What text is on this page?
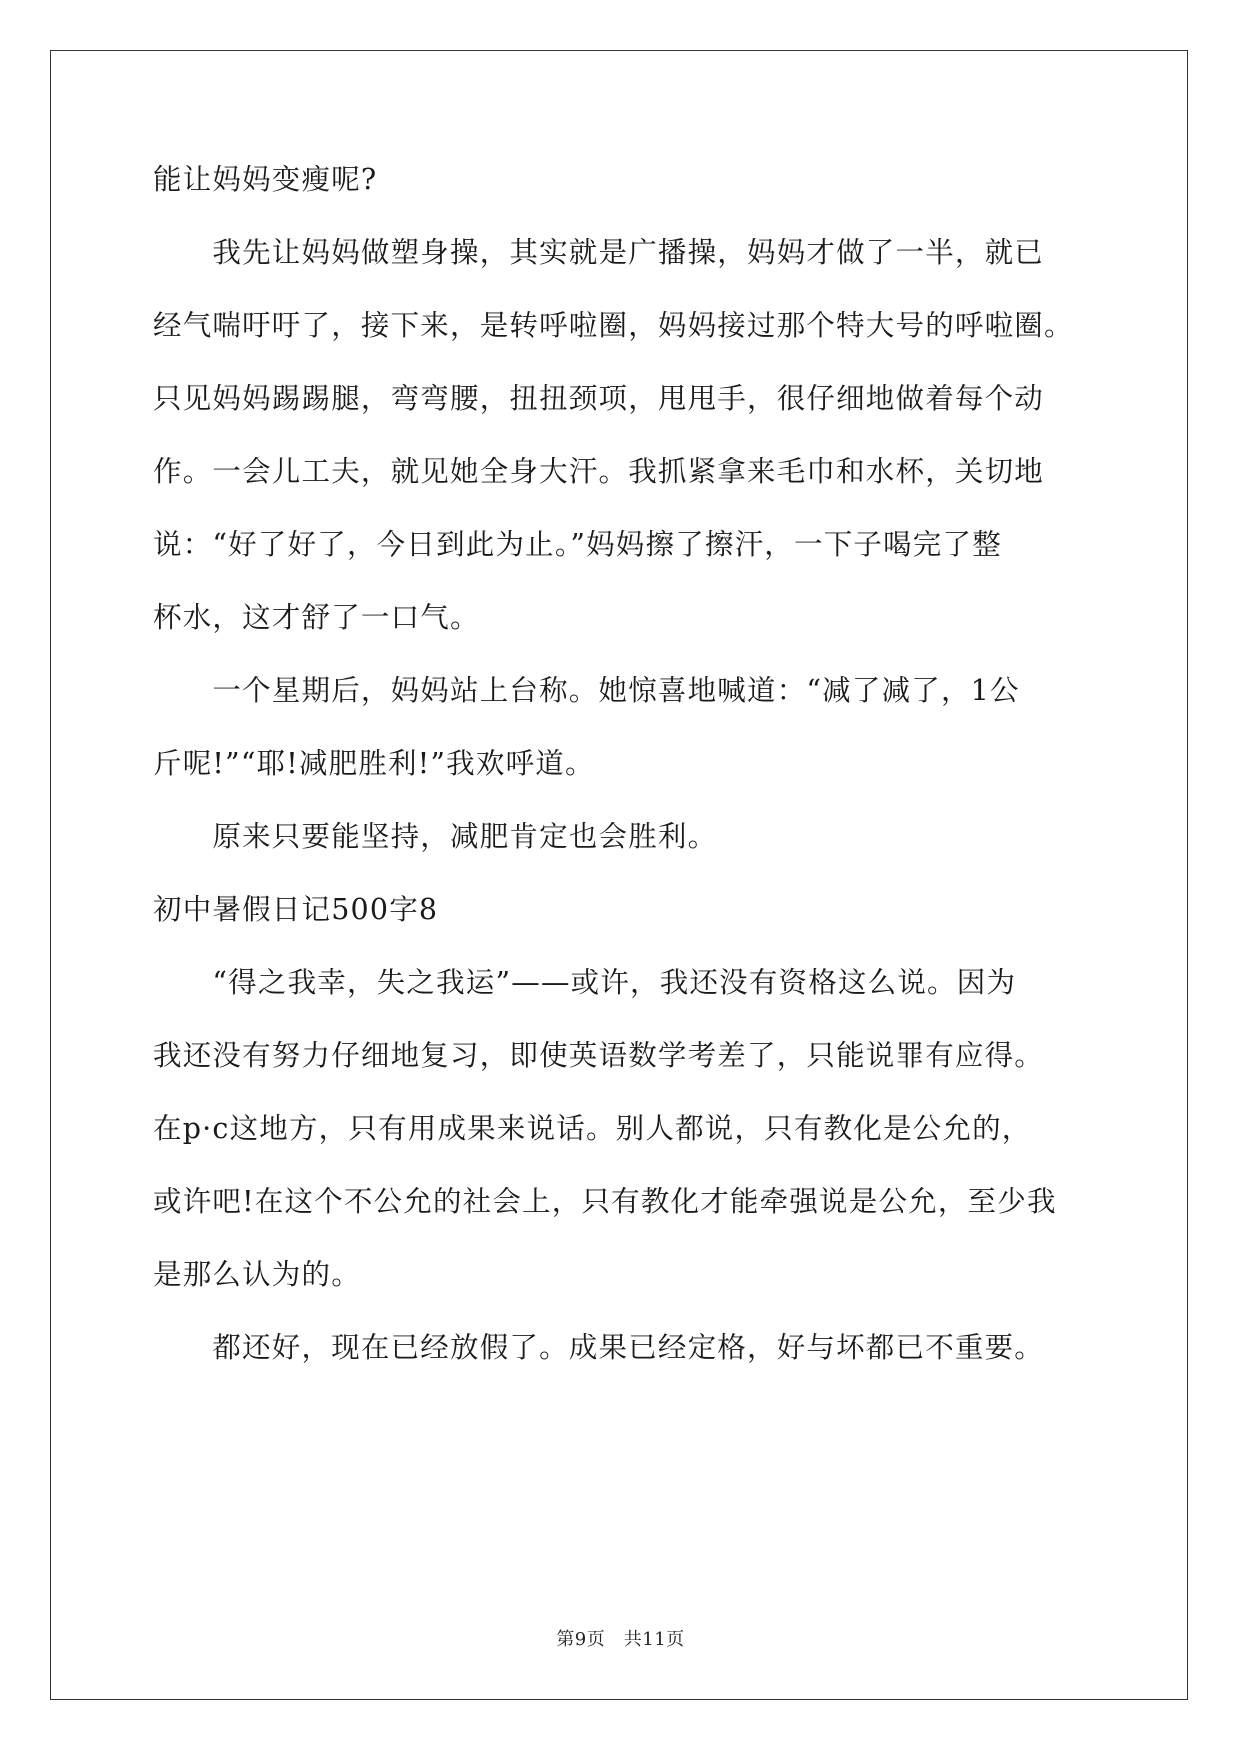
能让妈妈变瘦呢?
　　我先让妈妈做塑身操，其实就是广播操，妈妈才做了一半，就已
经气喘吁吁了，接下来，是转呼啦圈，妈妈接过那个特大号的呼啦圈。
只见妈妈踢踢腿，弯弯腰，扭扭颈项，甩甩手，很仔细地做着每个动
作。一会儿工夫，就见她全身大汗。我抓紧拿来毛巾和水杯，关切地
说：“好了好了，今日到此为止。”妈妈擦了擦汗，一下子喝完了整
杯水，这才舒了一口气。
　　一个星期后，妈妈站上台称。她惊喜地喊道：“减了减了，1公
斤呢!”“耶!减肥胜利!”我欢呼道。
　　原来只要能坚持，减肥肯定也会胜利。
初中暑假日记500字8
　　“得之我幸，失之我运”——或许，我还没有资格这么说。因为
我还没有努力仔细地复习，即使英语数学考差了，只能说罪有应得。
在p·c这地方，只有用成果来说话。别人都说，只有教化是公允的，
或许吧!在这个不公允的社会上，只有教化才能牵强说是公允，至少我
是那么认为的。
　　都还好，现在已经放假了。成果已经定格，好与坏都已不重要。
第9页　共11页
